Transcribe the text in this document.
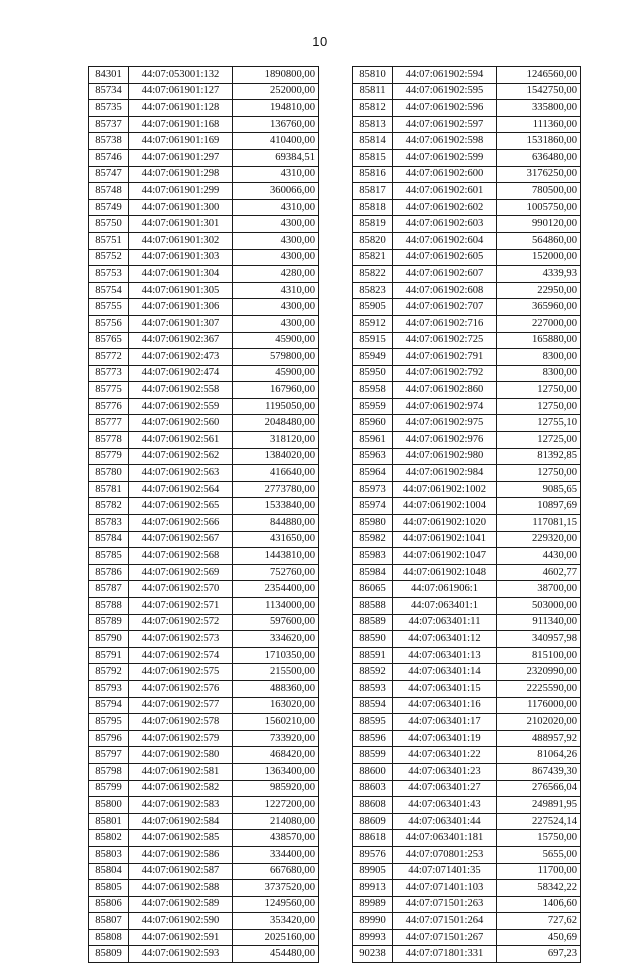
10
84301	44:07:053001:132	1890800,00
85734	44:07:061901:127	252000,00
85735	44:07:061901:128	194810,00
85737	44:07:061901:168	136760,00
85738	44:07:061901:169	410400,00
85746	44:07:061901:297	69384,51
85747	44:07:061901:298	4310,00
85748	44:07:061901:299	360066,00
85749	44:07:061901:300	4310,00
85750	44:07:061901:301	4300,00
85751	44:07:061901:302	4300,00
85752	44:07:061901:303	4300,00
85753	44:07:061901:304	4280,00
85754	44:07:061901:305	4310,00
85755	44:07:061901:306	4300,00
85756	44:07:061901:307	4300,00
85765	44:07:061902:367	45900,00
85772	44:07:061902:473	579800,00
85773	44:07:061902:474	45900,00
85775	44:07:061902:558	167960,00
85776	44:07:061902:559	1195050,00
85777	44:07:061902:560	2048480,00
85778	44:07:061902:561	318120,00
85779	44:07:061902:562	1384020,00
85780	44:07:061902:563	416640,00
85781	44:07:061902:564	2773780,00
85782	44:07:061902:565	1533840,00
85783	44:07:061902:566	844880,00
85784	44:07:061902:567	431650,00
85785	44:07:061902:568	1443810,00
85786	44:07:061902:569	752760,00
85787	44:07:061902:570	2354400,00
85788	44:07:061902:571	1134000,00
85789	44:07:061902:572	597600,00
85790	44:07:061902:573	334620,00
85791	44:07:061902:574	1710350,00
85792	44:07:061902:575	215500,00
85793	44:07:061902:576	488360,00
85794	44:07:061902:577	163020,00
85795	44:07:061902:578	1560210,00
85796	44:07:061902:579	733920,00
85797	44:07:061902:580	468420,00
85798	44:07:061902:581	1363400,00
85799	44:07:061902:582	985920,00
85800	44:07:061902:583	1227200,00
85801	44:07:061902:584	214080,00
85802	44:07:061902:585	438570,00
85803	44:07:061902:586	334400,00
85804	44:07:061902:587	667680,00
85805	44:07:061902:588	3737520,00
85806	44:07:061902:589	1249560,00
85807	44:07:061902:590	353420,00
85808	44:07:061902:591	2025160,00
85809	44:07:061902:593	454480,00
85810	44:07:061902:594	1246560,00
85811	44:07:061902:595	1542750,00
85812	44:07:061902:596	335800,00
85813	44:07:061902:597	111360,00
85814	44:07:061902:598	1531860,00
85815	44:07:061902:599	636480,00
85816	44:07:061902:600	3176250,00
85817	44:07:061902:601	780500,00
85818	44:07:061902:602	1005750,00
85819	44:07:061902:603	990120,00
85820	44:07:061902:604	564860,00
85821	44:07:061902:605	152000,00
85822	44:07:061902:607	4339,93
85823	44:07:061902:608	22950,00
85905	44:07:061902:707	365960,00
85912	44:07:061902:716	227000,00
85915	44:07:061902:725	165880,00
85949	44:07:061902:791	8300,00
85950	44:07:061902:792	8300,00
85958	44:07:061902:860	12750,00
85959	44:07:061902:974	12750,00
85960	44:07:061902:975	12755,10
85961	44:07:061902:976	12725,00
85963	44:07:061902:980	81392,85
85964	44:07:061902:984	12750,00
85973	44:07:061902:1002	9085,65
85974	44:07:061902:1004	10897,69
85980	44:07:061902:1020	117081,15
85982	44:07:061902:1041	229320,00
85983	44:07:061902:1047	4430,00
85984	44:07:061902:1048	4602,77
86065	44:07:061906:1	38700,00
88588	44:07:063401:1	503000,00
88589	44:07:063401:11	911340,00
88590	44:07:063401:12	340957,98
88591	44:07:063401:13	815100,00
88592	44:07:063401:14	2320990,00
88593	44:07:063401:15	2225590,00
88594	44:07:063401:16	1176000,00
88595	44:07:063401:17	2102020,00
88596	44:07:063401:19	488957,92
88599	44:07:063401:22	81064,26
88600	44:07:063401:23	867439,30
88603	44:07:063401:27	276566,04
88608	44:07:063401:43	249891,95
88609	44:07:063401:44	227524,14
88618	44:07:063401:181	15750,00
89576	44:07:070801:253	5655,00
89905	44:07:071401:35	11700,00
89913	44:07:071401:103	58342,22
89989	44:07:071501:263	1406,60
89990	44:07:071501:264	727,62
89993	44:07:071501:267	450,69
90238	44:07:071801:331	697,23
